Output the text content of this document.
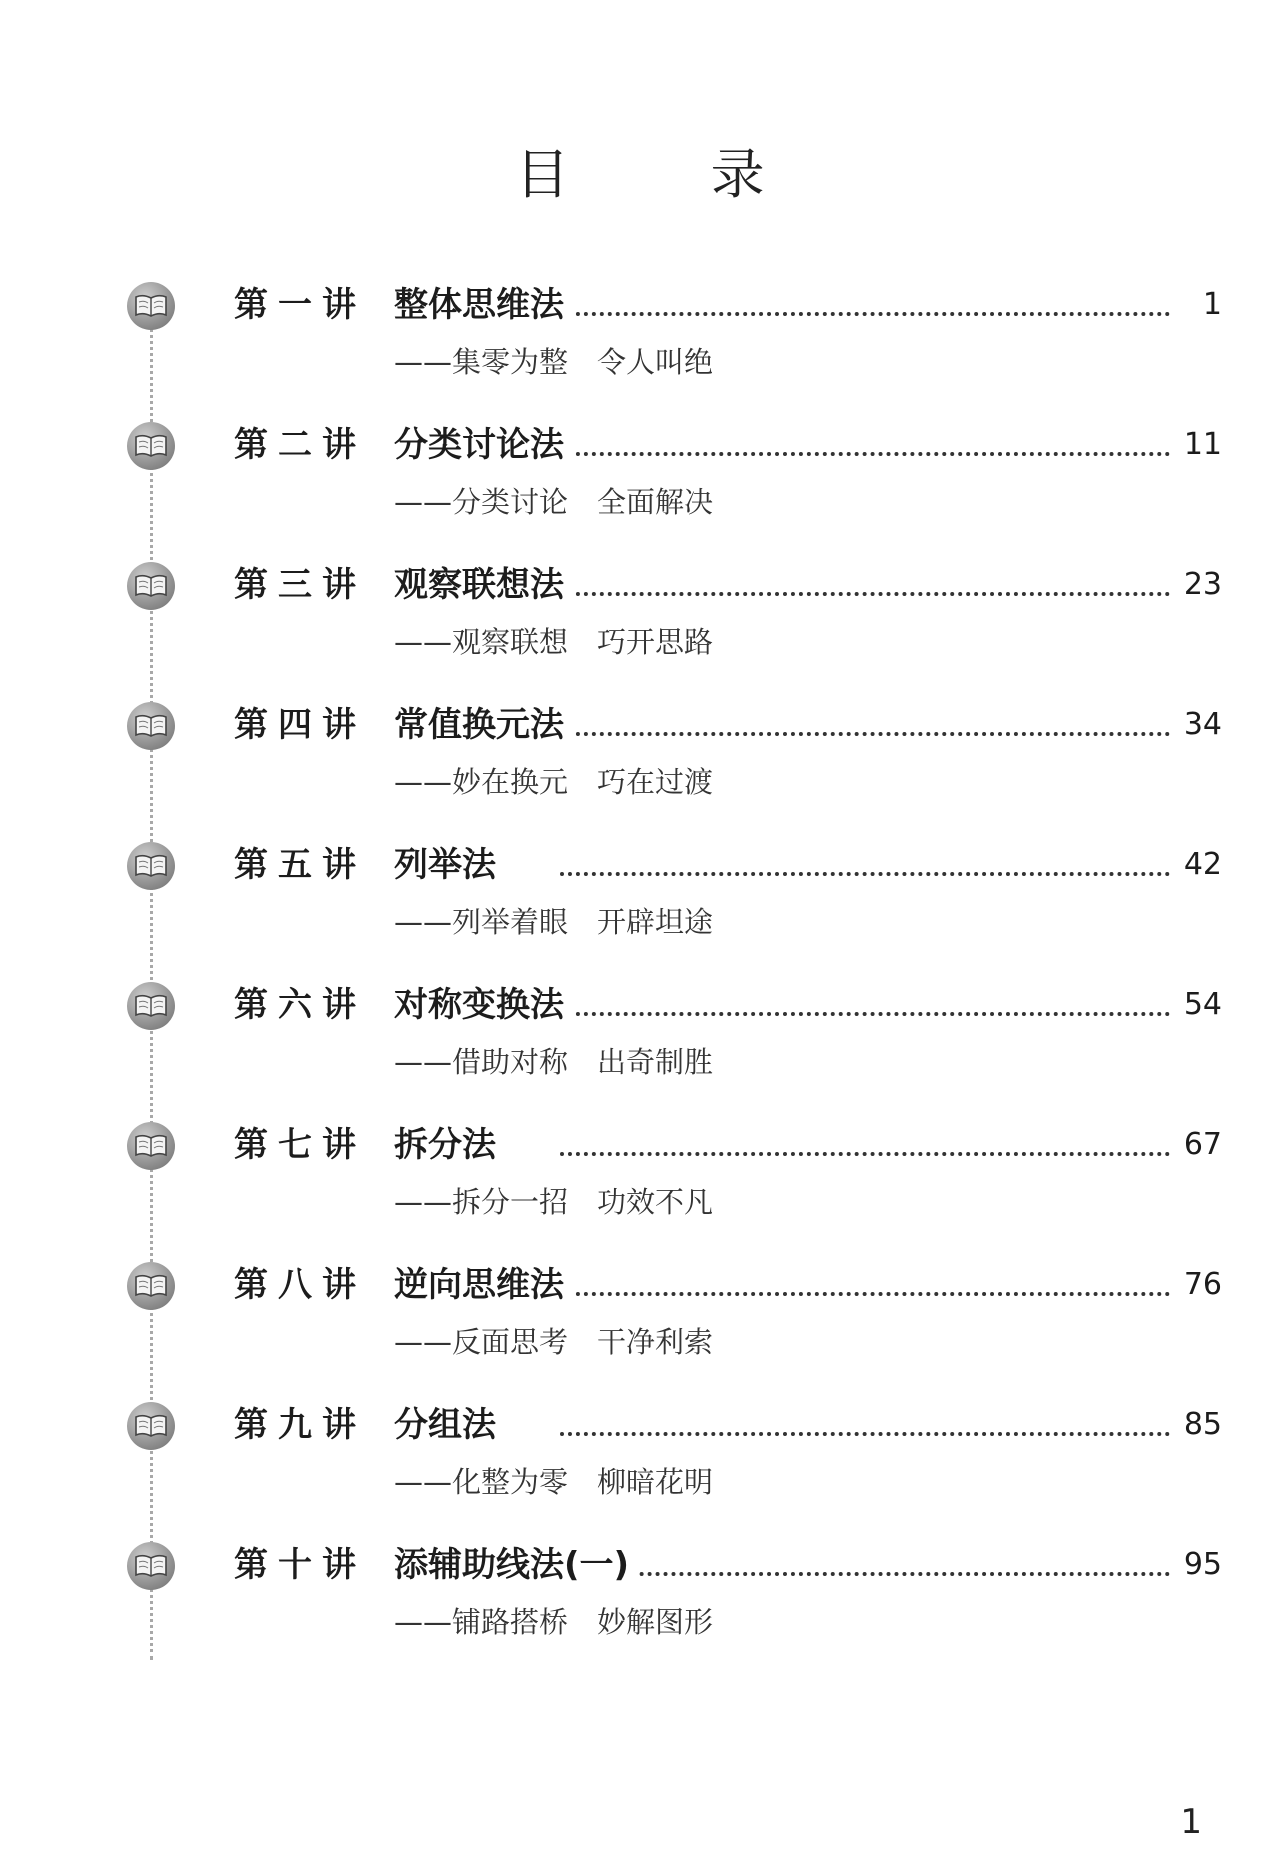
目 录
第一讲 整体思维法	1
——集零为整　令人叫绝
第二讲 分类讨论法	11
——分类讨论　全面解决
第三讲 观察联想法	23
——观察联想　巧开思路
第四讲 常值换元法	34
——妙在换元　巧在过渡
第五讲 列举法	42
——列举着眼　开辟坦途
第六讲 对称变换法	54
——借助对称　出奇制胜
第七讲 拆分法	67
——拆分一招　功效不凡
第八讲 逆向思维法	76
——反面思考　干净利索
第九讲 分组法	85
——化整为零　柳暗花明
第十讲 添辅助线法(一)	95
——铺路搭桥　妙解图形
1
